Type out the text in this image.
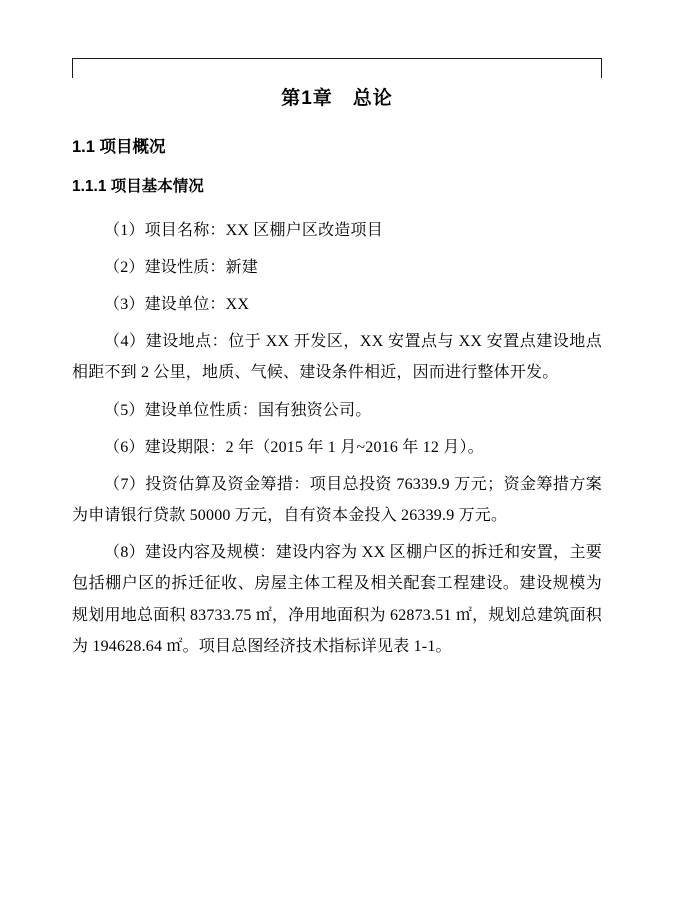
第1章 总论
1.1 项目概况
1.1.1 项目基本情况

（1）项目名称：XX 区棚户区改造项目

（2）建设性质：新建

（3）建设单位：XX

（4）建设地点：位于 XX 开发区，XX 安置点与 XX 安置点建设地点相距不到 2 公里，地质、气候、建设条件相近，因而进行整体开发。

（5）建设单位性质：国有独资公司。

（6）建设期限：2 年（2015 年 1 月~2016 年 12 月）。

（7）投资估算及资金筹措：项目总投资 76339.9 万元；资金筹措方案为申请银行贷款 50000 万元，自有资本金投入 26339.9 万元。

（8）建设内容及规模：建设内容为 XX 区棚户区的拆迁和安置，主要包括棚户区的拆迁征收、房屋主体工程及相关配套工程建设。建设规模为规划用地总面积 83733.75 ㎡，净用地面积为 62873.51 ㎡，规划总建筑面积为 194628.64 ㎡。项目总图经济技术指标详见表 1-1。
